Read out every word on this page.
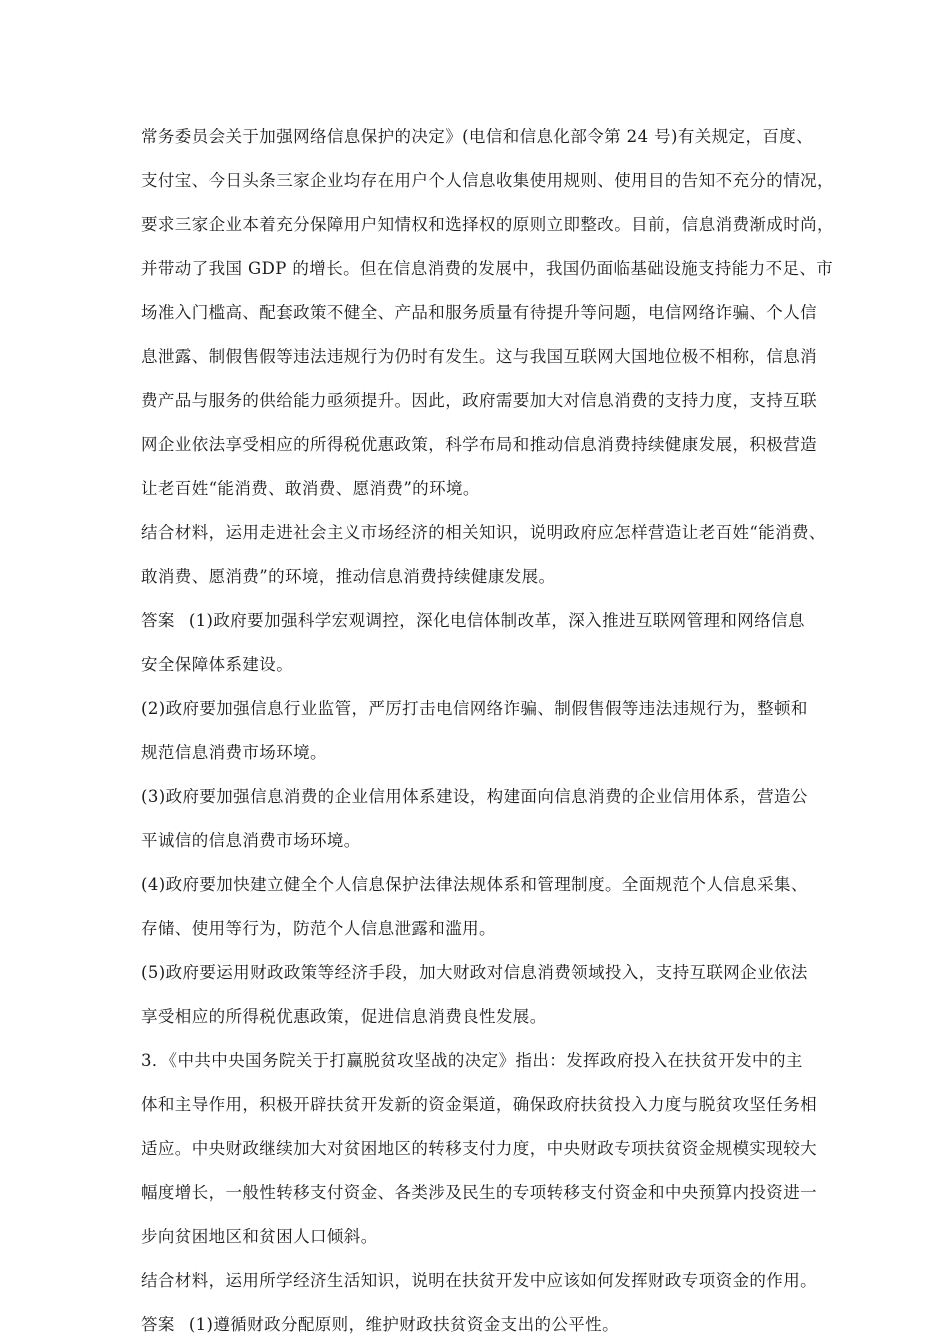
常务委员会关于加强网络信息保护的决定》(电信和信息化部令第 24 号)有关规定，百度、
支付宝、今日头条三家企业均存在用户个人信息收集使用规则、使用目的告知不充分的情况，
要求三家企业本着充分保障用户知情权和选择权的原则立即整改。目前，信息消费渐成时尚，
并带动了我国 GDP 的增长。但在信息消费的发展中，我国仍面临基础设施支持能力不足、市
场准入门槛高、配套政策不健全、产品和服务质量有待提升等问题，电信网络诈骗、个人信
息泄露、制假售假等违法违规行为仍时有发生。这与我国互联网大国地位极不相称，信息消
费产品与服务的供给能力亟须提升。因此，政府需要加大对信息消费的支持力度，支持互联
网企业依法享受相应的所得税优惠政策，科学布局和推动信息消费持续健康发展，积极营造
让老百姓“能消费、敢消费、愿消费”的环境。
结合材料，运用走进社会主义市场经济的相关知识，说明政府应怎样营造让老百姓“能消费、
敢消费、愿消费”的环境，推动信息消费持续健康发展。
答案 (1)政府要加强科学宏观调控，深化电信体制改革，深入推进互联网管理和网络信息
安全保障体系建设。
(2)政府要加强信息行业监管，严厉打击电信网络诈骗、制假售假等违法违规行为，整顿和
规范信息消费市场环境。
(3)政府要加强信息消费的企业信用体系建设，构建面向信息消费的企业信用体系，营造公
平诚信的信息消费市场环境。
(4)政府要加快建立健全个人信息保护法律法规体系和管理制度。全面规范个人信息采集、
存储、使用等行为，防范个人信息泄露和滥用。
(5)政府要运用财政政策等经济手段，加大财政对信息消费领域投入，支持互联网企业依法
享受相应的所得税优惠政策，促进信息消费良性发展。
3．《中共中央国务院关于打赢脱贫攻坚战的决定》指出：发挥政府投入在扶贫开发中的主
体和主导作用，积极开辟扶贫开发新的资金渠道，确保政府扶贫投入力度与脱贫攻坚任务相
适应。中央财政继续加大对贫困地区的转移支付力度，中央财政专项扶贫资金规模实现较大
幅度增长，一般性转移支付资金、各类涉及民生的专项转移支付资金和中央预算内投资进一
步向贫困地区和贫困人口倾斜。
结合材料，运用所学经济生活知识，说明在扶贫开发中应该如何发挥财政专项资金的作用。
答案 (1)遵循财政分配原则，维护财政扶贫资金支出的公平性。
